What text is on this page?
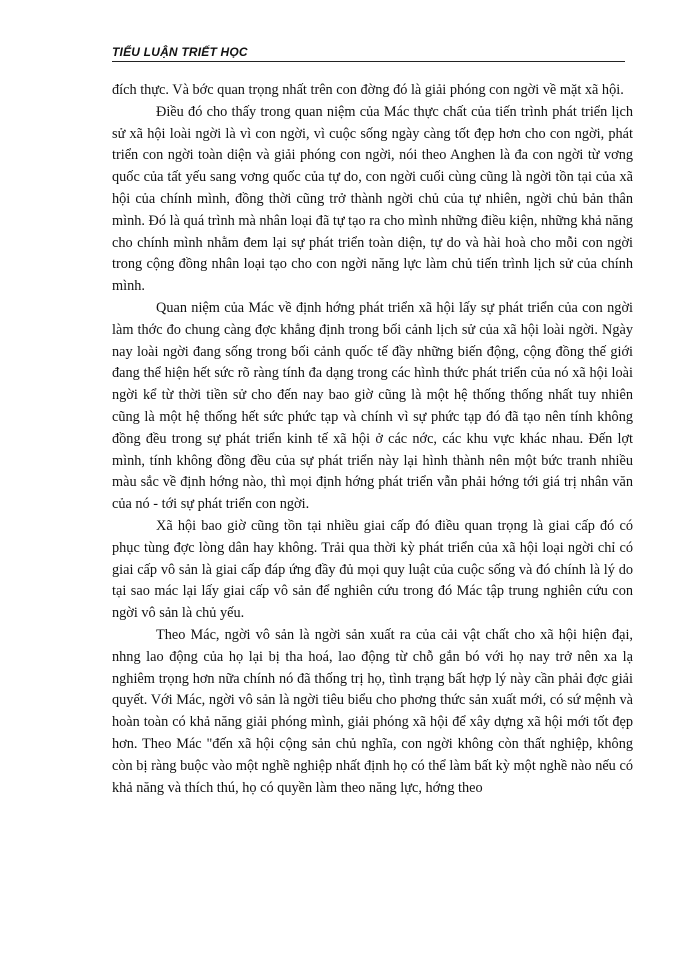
TIỂU LUẬN TRIẾT HỌC

đích thực. Và bớc quan trọng nhất trên con đờng đó là giải phóng con ngời về mặt xã hội.

Điều đó cho thấy trong quan niệm của Mác thực chất của tiến trình phát triển lịch sử xã hội loài ngời là vì con ngời, vì cuộc sống ngày càng tốt đẹp hơn cho con ngời, phát triển con ngời toàn diện và giải phóng con ngời, nói theo Anghen là đa con ngời từ vơng quốc của tất yếu sang vơng quốc của tự do, con ngời cuối cùng cũng là ngời tồn tại của xã hội của chính mình, đồng thời cũng trở thành ngời chủ của tự nhiên, ngời chủ bản thân mình. Đó là quá trình mà nhân loại đã tự tạo ra cho mình những điều kiện, những khả năng cho chính mình nhằm đem lại sự phát triển toàn diện, tự do và hài hoà cho mỗi con ngời trong cộng đồng nhân loại tạo cho con ngời năng lực làm chủ tiến trình lịch sử của chính mình.

Quan niệm của Mác về định hớng phát triển xã hội lấy sự phát triển của con ngời làm thớc đo chung càng đợc khẳng định trong bối cảnh lịch sử của xã hội loài ngời. Ngày nay loài ngời đang sống trong bối cảnh quốc tế đầy những biến động, cộng đồng thế giới đang thể hiện hết sức rõ ràng tính đa dạng trong các hình thức phát triển của nó xã hội loài ngời kể từ thời tiền sử cho đến nay bao giờ cũng là một hệ thống thống nhất tuy nhiên cũng là một hệ thống hết sức phức tạp và chính vì sự phức tạp đó đã tạo nên tính không đồng đều trong sự phát triển kinh tế xã hội ở các nớc, các khu vực khác nhau. Đến lợt mình, tính không đồng đều của sự phát triển này lại hình thành nên một bức tranh nhiều màu sắc về định hớng nào, thì mọi định hớng phát triển vẫn phải hớng tới giá trị nhân văn của nó - tới sự phát triển con ngời.

Xã hội bao giờ cũng tồn tại nhiều giai cấp đó điều quan trọng là giai cấp đó có phục tùng đợc lòng dân hay không. Trải qua thời kỳ phát triển của xã hội loại ngời chỉ có giai cấp vô sản là giai cấp đáp ứng đầy đủ mọi quy luật của cuộc sống và đó chính là lý do tại sao mác lại lấy giai cấp vô sản để nghiên cứu trong đó Mác tập trung nghiên cứu con ngời vô sản là chủ yếu.

Theo Mác, ngời vô sản là ngời sản xuất ra của cải vật chất cho xã hội hiện đại, nhng lao động của họ lại bị tha hoá, lao động từ chỗ gắn bó với họ nay trở nên xa lạ nghiêm trọng hơn nữa chính nó đã thống trị họ, tình trạng bất hợp lý này cần phải đợc giải quyết. Với Mác, ngời vô sản là ngời tiêu biểu cho phơng thức sản xuất mới, có sứ mệnh và hoàn toàn có khả năng giải phóng mình, giải phóng xã hội để xây dựng xã hội mới tốt đẹp hơn. Theo Mác "đến xã hội cộng sản chủ nghĩa, con ngời không còn thất nghiệp, không còn bị ràng buộc vào một nghề nghiệp nhất định họ có thể làm bất kỳ một nghề nào nếu có khả năng và thích thú, họ có quyền làm theo năng lực, hớng theo
